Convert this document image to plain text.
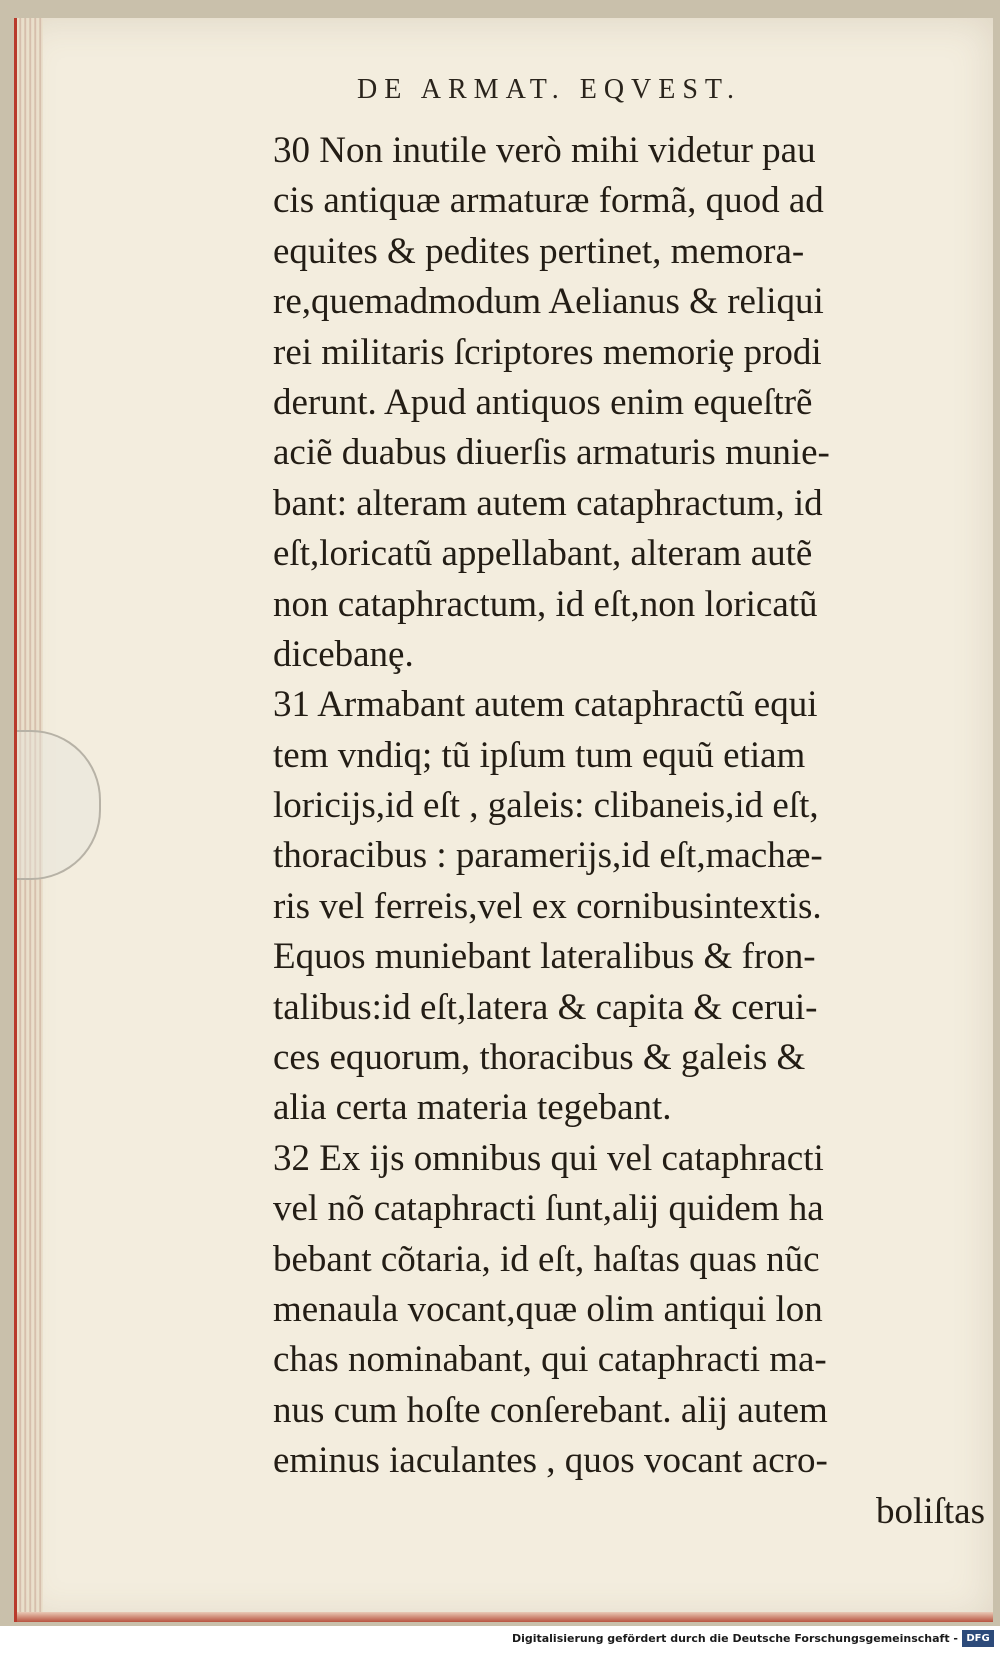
DE ARMAT. EQVEST.
30 Non inutile verò mihi videtur pau
cis antiquæ armaturæ formã, quod ad
equites & pedites pertinet, memora-
re,quemadmodum Aelianus & reliqui
rei militaris ſcriptores memoriȩ prodi
derunt. Apud antiquos enim equeſtrẽ
aciẽ duabus diuerſis armaturis munie-
bant: alteram autem cataphractum, id
eſt,loricatũ appellabant, alteram autẽ
non cataphractum, id eſt,non loricatũ
dicebanȩ.
31 Armabant autem cataphractũ equi
tem vndiq; tũ ipſum tum equũ etiam
loricijs,id eſt , galeis: clibaneis,id eſt,
thoracibus : paramerijs,id eſt,machæ-
ris vel ferreis,vel ex cornibusintextis.
Equos muniebant lateralibus & fron-
talibus:id eſt,latera & capita & cerui-
ces equorum, thoracibus & galeis &
alia certa materia tegebant.
32 Ex ijs omnibus qui vel cataphracti
vel nõ cataphracti ſunt,alij quidem ha
bebant cõtaria, id eſt, haſtas quas nũc
menaula vocant,quæ olim antiqui lon
chas nominabant, qui cataphracti ma-
nus cum hoſte conſerebant. alij autem
eminus iaculantes , quos vocant acro-
boliſtas
Digitalisierung gefördert durch die Deutsche Forschungsgemeinschaft - DFG
